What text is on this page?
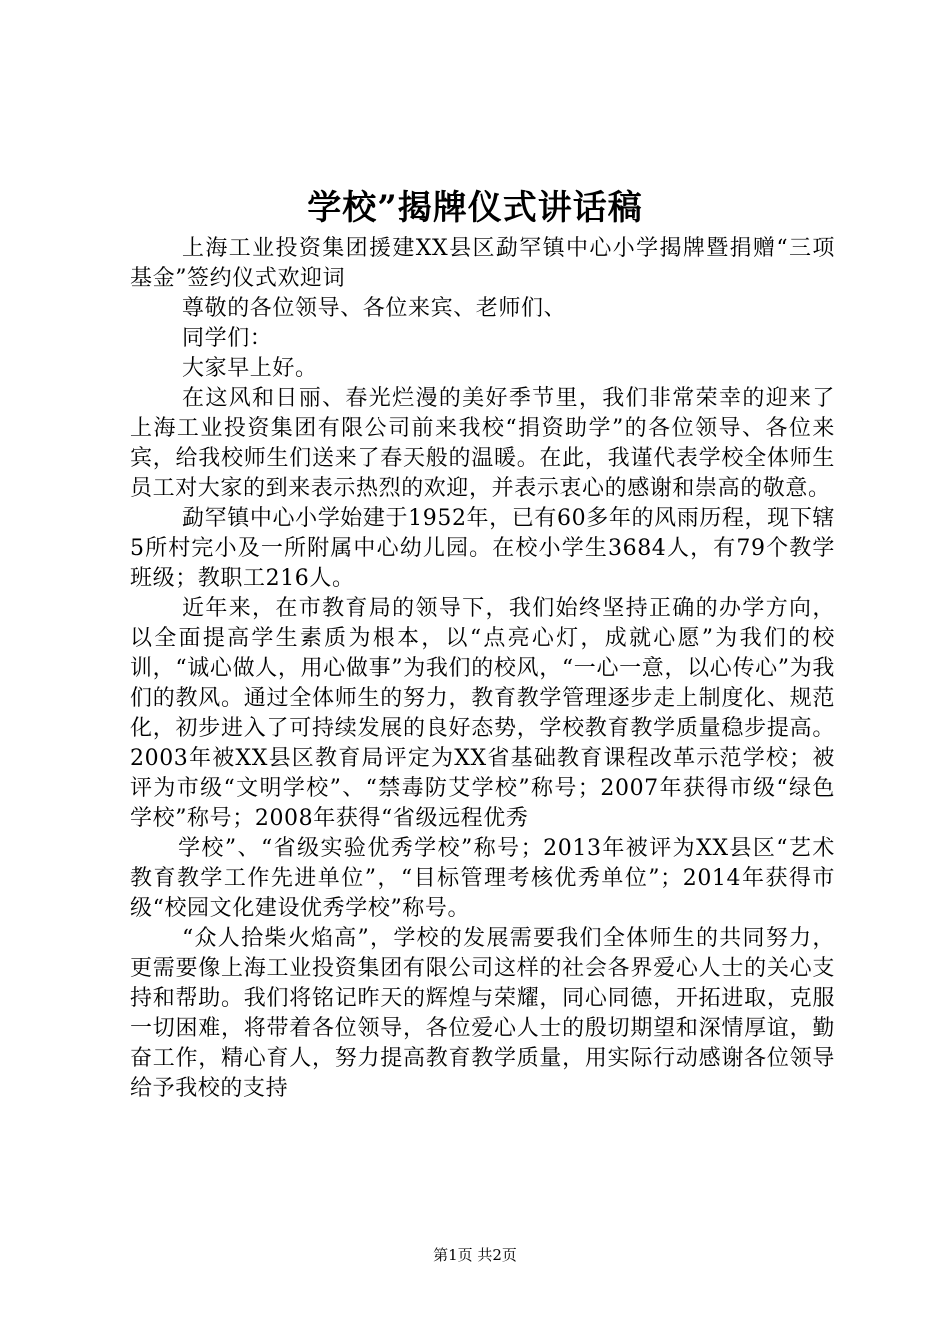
学校”揭牌仪式讲话稿

上海工业投资集团援建XX县区勐罕镇中心小学揭牌暨捐赠“三项基金”签约仪式欢迎词

尊敬的各位领导、各位来宾、老师们、

同学们：

大家早上好。

在这风和日丽、春光烂漫的美好季节里，我们非常荣幸的迎来了上海工业投资集团有限公司前来我校“捐资助学”的各位领导、各位来宾，给我校师生们送来了春天般的温暖。在此，我谨代表学校全体师生员工对大家的到来表示热烈的欢迎，并表示衷心的感谢和崇高的敬意。

勐罕镇中心小学始建于1952年，已有60多年的风雨历程，现下辖5所村完小及一所附属中心幼儿园。在校小学生3684人，有79个教学班级；教职工216人。

近年来，在市教育局的领导下，我们始终坚持正确的办学方向，以全面提高学生素质为根本，以“点亮心灯，成就心愿”为我们的校训，“诚心做人，用心做事”为我们的校风，“一心一意，以心传心”为我们的教风。通过全体师生的努力，教育教学管理逐步走上制度化、规范化，初步进入了可持续发展的良好态势，学校教育教学质量稳步提高。2003年被XX县区教育局评定为XX省基础教育课程改革示范学校；被评为市级“文明学校”、“禁毒防艾学校”称号；2007年获得市级“绿色学校”称号；2008年获得“省级远程优秀

学校”、“省级实验优秀学校”称号；2013年被评为XX县区“艺术教育教学工作先进单位”，“目标管理考核优秀单位”；2014年获得市级“校园文化建设优秀学校”称号。

“众人拾柴火焰高”，学校的发展需要我们全体师生的共同努力，更需要像上海工业投资集团有限公司这样的社会各界爱心人士的关心支持和帮助。我们将铭记昨天的辉煌与荣耀，同心同德，开拓进取，克服一切困难，将带着各位领导，各位爱心人士的殷切期望和深情厚谊，勤奋工作，精心育人，努力提高教育教学质量，用实际行动感谢各位领导给予我校的支持

第1页 共2页
